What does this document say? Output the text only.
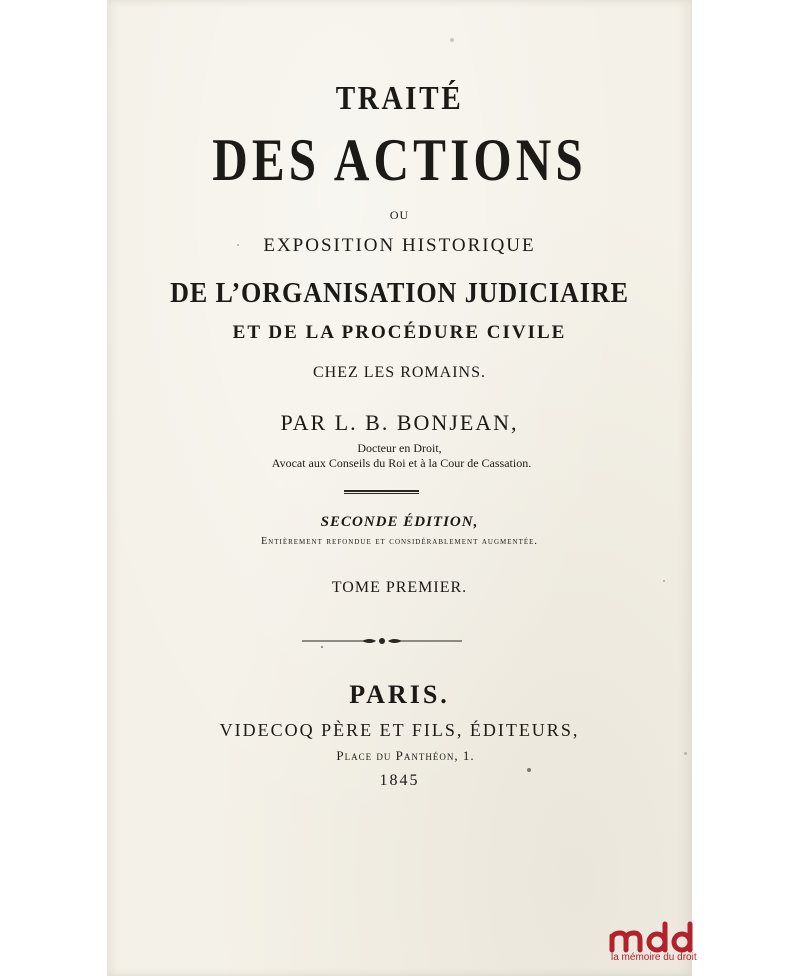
TRAITÉ
DES ACTIONS
OU
EXPOSITION HISTORIQUE
DE L’ORGANISATION JUDICIAIRE
ET DE LA PROCÉDURE CIVILE
CHEZ LES ROMAINS.
PAR L. B. BONJEAN,
Docteur en Droit,
Avocat aux Conseils du Roi et à la Cour de Cassation.
SECONDE ÉDITION,
Entièrement refondue et considérablement augmentée.
TOME PREMIER.
PARIS.
VIDECOQ PÈRE ET FILS, ÉDITEURS,
Place du Panthéon, 1.
1845
la mémoire du droit
